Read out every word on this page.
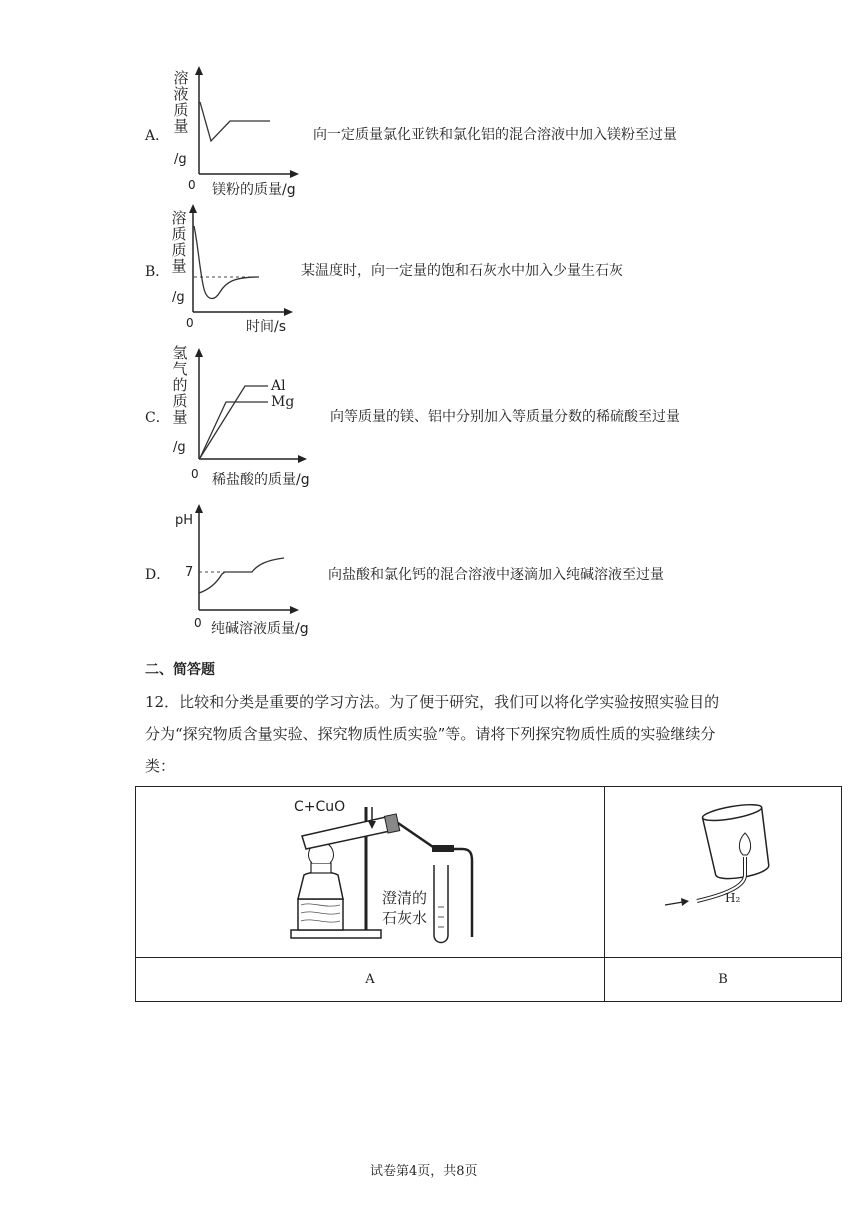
A．
溶
液
质
量
/g
0 镁粉的质量/g
向一定质量氯化亚铁和氯化铝的混合溶液中加入镁粉至过量
B．
溶
质
质
量
/g
0	时间/s
某温度时，向一定量的饱和石灰水中加入少量生石灰
C．
氢
气
的
质
量
/g
0 稀盐酸的质量/g
Al
Mg
向等质量的镁、铝中分别加入等质量分数的稀硫酸至过量
D．
pH
7
0 纯碱溶液质量/g
向盐酸和氯化钙的混合溶液中逐滴加入纯碱溶液至过量
二、简答题
12．比较和分类是重要的学习方法。为了便于研究，我们可以将化学实验按照实验目的
分为“探究物质含量实验、探究物质性质实验”等。请将下列探究物质性质的实验继续分
类：
C+CuO
澄清的
石灰水	H₂

A	B
试卷第4页，共8页
